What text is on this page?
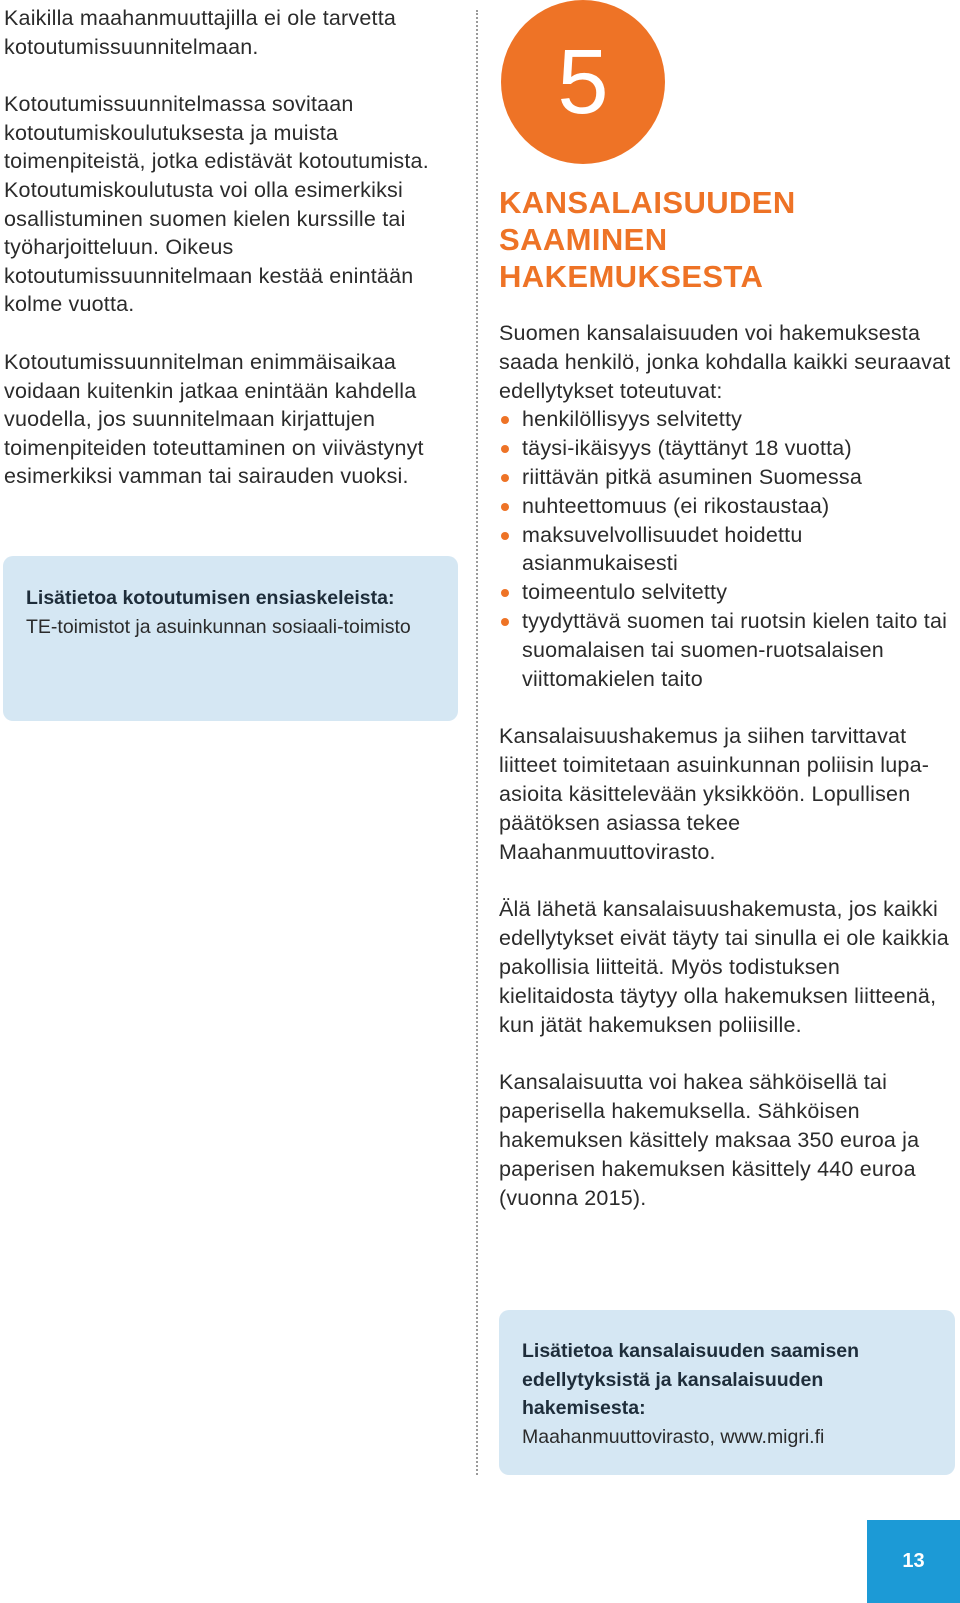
Kaikilla maahanmuuttajilla ei ole tarvetta kotoutumissuunnitelmaan.

Kotoutumissuunnitelmassa sovitaan kotoutumiskoulutuksesta ja muista toimenpiteistä, jotka edistävät kotoutumista. Kotoutumiskoulutusta voi olla esimerkiksi osallistuminen suomen kielen kurssille tai työharjoitteluun. Oikeus kotoutumissuunnitelmaan kestää enintään kolme vuotta.

Kotoutumissuunnitelman enimmäisaikaa voidaan kuitenkin jatkaa enintään kahdella vuodella, jos suunnitelmaan kirjattujen toimenpiteiden toteuttaminen on viivästynyt esimerkiksi vamman tai sairauden vuoksi.

Lisätietoa kotoutumisen ensiaskeleista:
TE-toimistot ja asuinkunnan sosiaali-toimisto
5
KANSALAISUUDEN
SAAMINEN
HAKEMUKSESTA
Suomen kansalaisuuden voi hakemuksesta saada henkilö, jonka kohdalla kaikki seuraavat edellytykset toteutuvat:
henkilöllisyys selvitetty
täysi-ikäisyys (täyttänyt 18 vuotta)
riittävän pitkä asuminen Suomessa
nuhteettomuus (ei rikostaustaa)
maksuvelvollisuudet hoidettu asianmukaisesti
toimeentulo selvitetty
tyydyttävä suomen tai ruotsin kielen taito tai suomalaisen tai suomen-ruotsalaisen viittomakielen taito

Kansalaisuushakemus ja siihen tarvittavat liitteet toimitetaan asuinkunnan poliisin lupa-asioita käsittelevään yksikköön. Lopullisen päätöksen asiassa tekee Maahanmuuttovirasto.

Älä lähetä kansalaisuushakemusta, jos kaikki edellytykset eivät täyty tai sinulla ei ole kaikkia pakollisia liitteitä. Myös todistuksen kielitaidosta täytyy olla hakemuksen liitteenä, kun jätät hakemuksen poliisille.

Kansalaisuutta voi hakea sähköisellä tai paperisella hakemuksella. Sähköisen hakemuksen käsittely maksaa 350 euroa ja paperisen hakemuksen käsittely 440 euroa (vuonna 2015).

Lisätietoa kansalaisuuden saamisen edellytyksistä ja kansalaisuuden hakemisesta:
Maahanmuuttovirasto, www.migri.fi
13
